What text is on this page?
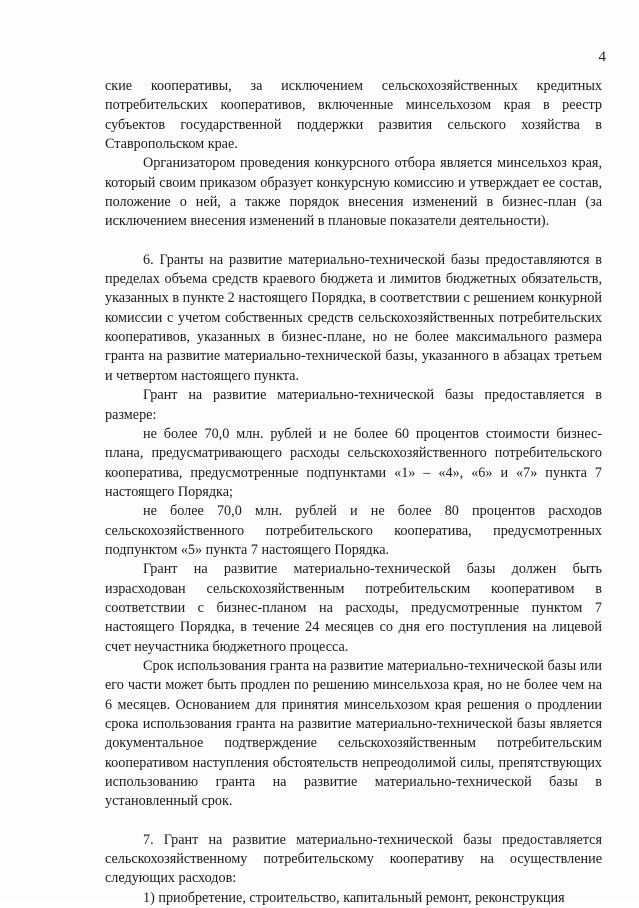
4

ские кооперативы, за исключением сельскохозяйственных кредитных потребительских кооперативов, включенные минсельхозом края в реестр субъектов государственной поддержки развития сельского хозяйства в Ставропольском крае.

Организатором проведения конкурсного отбора является минсельхоз края, который своим приказом образует конкурсную комиссию и утверждает ее состав, положение о ней, а также порядок внесения изменений в бизнес-план (за исключением внесения изменений в плановые показатели деятельности).

6. Гранты на развитие материально-технической базы предоставляются в пределах объема средств краевого бюджета и лимитов бюджетных обязательств, указанных в пункте 2 настоящего Порядка, в соответствии с решением конкурной комиссии с учетом собственных средств сельскохозяйственных потребительских кооперативов, указанных в бизнес-плане, но не более максимального размера гранта на развитие материально-технической базы, указанного в абзацах третьем и четвертом настоящего пункта.

Грант на развитие материально-технической базы предоставляется в размере:

не более 70,0 млн. рублей и не более 60 процентов стоимости бизнес-плана, предусматривающего расходы сельскохозяйственного потребительского кооператива, предусмотренные подпунктами «1» – «4», «6» и «7» пункта 7 настоящего Порядка;

не более 70,0 млн. рублей и не более 80 процентов расходов сельскохозяйственного потребительского кооператива, предусмотренных подпунктом «5» пункта 7 настоящего Порядка.

Грант на развитие материально-технической базы должен быть израсходован сельскохозяйственным потребительским кооперативом в соответствии с бизнес-планом на расходы, предусмотренные пунктом 7 настоящего Порядка, в течение 24 месяцев со дня его поступления на лицевой счет неучастника бюджетного процесса.

Срок использования гранта на развитие материально-технической базы или его части может быть продлен по решению минсельхоза края, но не более чем на 6 месяцев. Основанием для принятия минсельхозом края решения о продлении срока использования гранта на развитие материально-технической базы является документальное подтверждение сельскохозяйственным потребительским кооперативом наступления обстоятельств непреодолимой силы, препятствующих использованию гранта на развитие материально-технической базы в установленный срок.

7. Грант на развитие материально-технической базы предоставляется сельскохозяйственному потребительскому кооперативу на осуществление следующих расходов:

1) приобретение, строительство, капитальный ремонт, реконструкция
